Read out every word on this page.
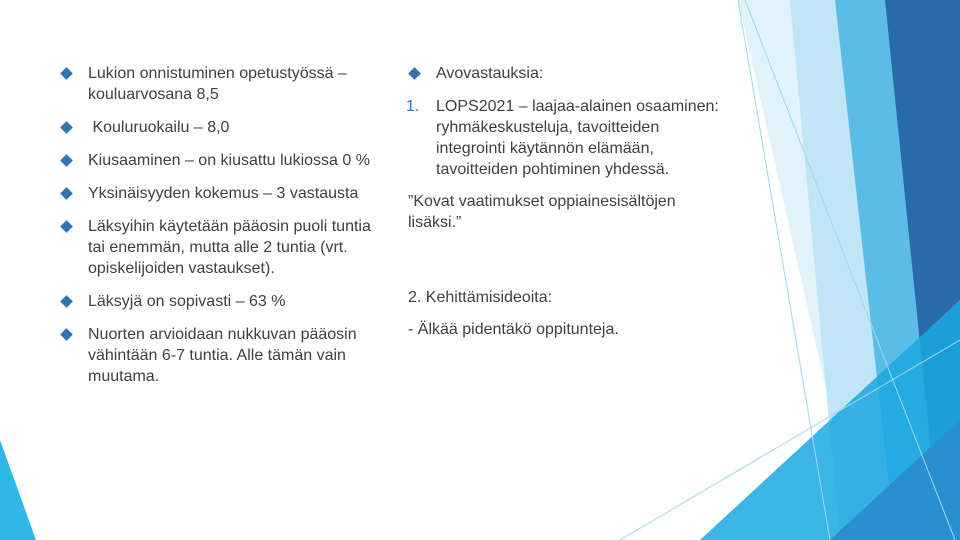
Lukion onnistuminen opetustyössä – kouluarvosana 8,5
Kouluruokailu – 8,0
Kiusaaminen – on kiusattu lukiossa 0 %
Yksinäisyyden kokemus – 3 vastausta
Läksyihin käytetään pääosin puoli tuntia tai enemmän, mutta alle 2 tuntia (vrt. opiskelijoiden vastaukset).
Läksyjä on sopivasti – 63 %
Nuorten arvioidaan nukkuvan pääosin vähintään 6-7 tuntia. Alle tämän vain muutama.
Avovastauksia:
1. LOPS2021 – laajaa-alainen osaaminen: ryhmäkeskusteluja, tavoitteiden integrointi käytännön elämään, tavoitteiden pohtiminen yhdessä.
”Kovat vaatimukset oppiainesisältöjen lisäksi.”
2. Kehittämisideoita:
- Älkää pidentäkö oppitunteja.
